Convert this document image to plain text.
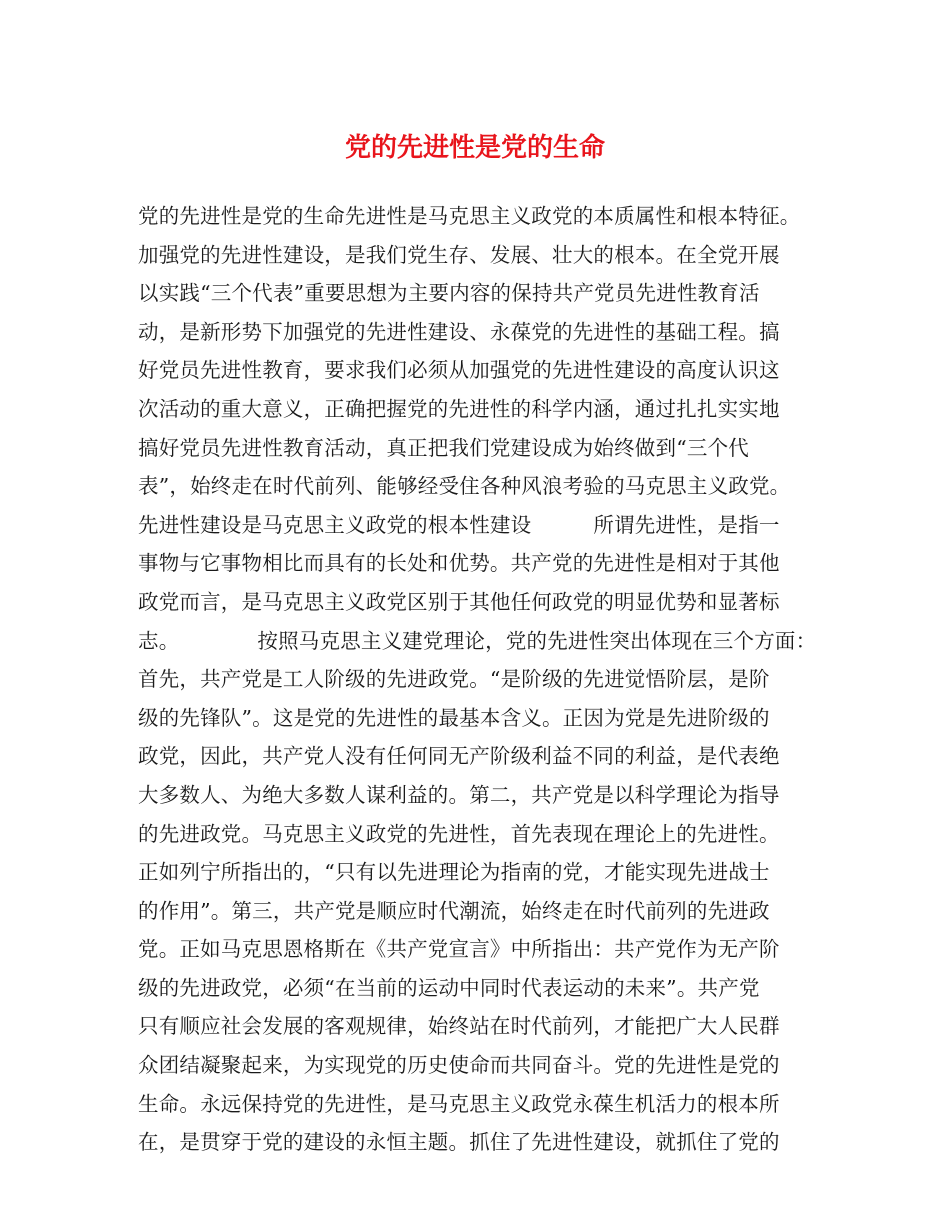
党的先进性是党的生命
党的先进性是党的生命先进性是马克思主义政党的本质属性和根本特征。
加强党的先进性建设，是我们党生存、发展、壮大的根本。在全党开展
以实践“三个代表”重要思想为主要内容的保持共产党员先进性教育活
动，是新形势下加强党的先进性建设、永葆党的先进性的基础工程。搞
好党员先进性教育，要求我们必须从加强党的先进性建设的高度认识这
次活动的重大意义，正确把握党的先进性的科学内涵，通过扎扎实实地
搞好党员先进性教育活动，真正把我们党建设成为始终做到“三个代
表”，始终走在时代前列、能够经受住各种风浪考验的马克思主义政党。
先进性建设是马克思主义政党的根本性建设	所谓先进性，是指一
事物与它事物相比而具有的长处和优势。共产党的先进性是相对于其他
政党而言，是马克思主义政党区别于其他任何政党的明显优势和显著标
志。	按照马克思主义建党理论，党的先进性突出体现在三个方面：
首先，共产党是工人阶级的先进政党。“是阶级的先进觉悟阶层，是阶
级的先锋队”。这是党的先进性的最基本含义。正因为党是先进阶级的
政党，因此，共产党人没有任何同无产阶级利益不同的利益，是代表绝
大多数人、为绝大多数人谋利益的。第二，共产党是以科学理论为指导
的先进政党。马克思主义政党的先进性，首先表现在理论上的先进性。
正如列宁所指出的，“只有以先进理论为指南的党，才能实现先进战士
的作用”。第三，共产党是顺应时代潮流，始终走在时代前列的先进政
党。正如马克思恩格斯在《共产党宣言》中所指出：共产党作为无产阶
级的先进政党，必须“在当前的运动中同时代表运动的未来”。共产党
只有顺应社会发展的客观规律，始终站在时代前列，才能把广大人民群
众团结凝聚起来，为实现党的历史使命而共同奋斗。党的先进性是党的
生命。永远保持党的先进性，是马克思主义政党永葆生机活力的根本所
在，是贯穿于党的建设的永恒主题。抓住了先进性建设，就抓住了党的
